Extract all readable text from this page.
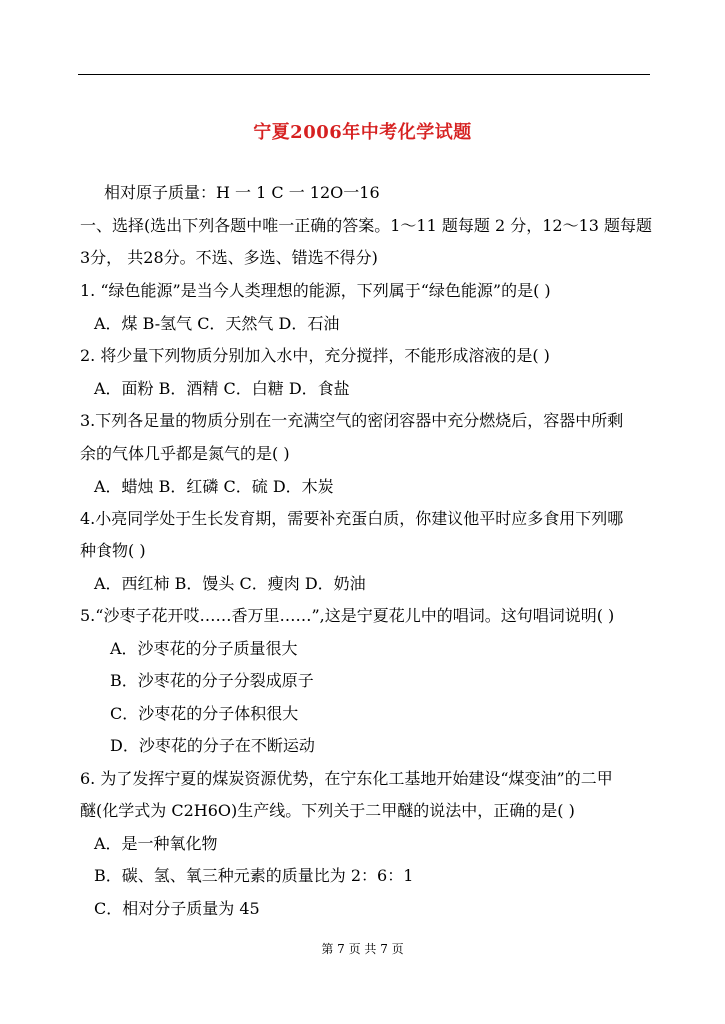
宁夏2006年中考化学试题
相对原子质量：H 一 1 C 一 12O一16
一、选择(选出下列各题中唯一正确的答案。1～11 题每题 2 分，12～13 题每题
3分， 共28分。不选、多选、错选不得分)
1. “绿色能源”是当今人类理想的能源，下列属于“绿色能源”的是( )
A．煤 B-氢气 C．天然气 D．石油
2. 将少量下列物质分别加入水中，充分搅拌，不能形成溶液的是( )
A．面粉 B．酒精 C．白糖 D．食盐
3.下列各足量的物质分别在一充满空气的密闭容器中充分燃烧后，容器中所剩
余的气体几乎都是氮气的是( )
A．蜡烛 B．红磷 C．硫 D．木炭
4.小亮同学处于生长发育期，需要补充蛋白质，你建议他平时应多食用下列哪
种食物( )
A．西红柿 B．馒头 C．瘦肉 D．奶油
5.“沙枣子花开哎……香万里……”,这是宁夏花儿中的唱词。这句唱词说明( )
A．沙枣花的分子质量很大
B．沙枣花的分子分裂成原子
C．沙枣花的分子体积很大
D．沙枣花的分子在不断运动
6. 为了发挥宁夏的煤炭资源优势，在宁东化工基地开始建设“煤变油”的二甲
醚(化学式为 C2H6O)生产线。下列关于二甲醚的说法中，正确的是( )
A．是一种氧化物
B．碳、氢、氧三种元素的质量比为 2：6：1
C．相对分子质量为 45
第 7 页 共 7 页
